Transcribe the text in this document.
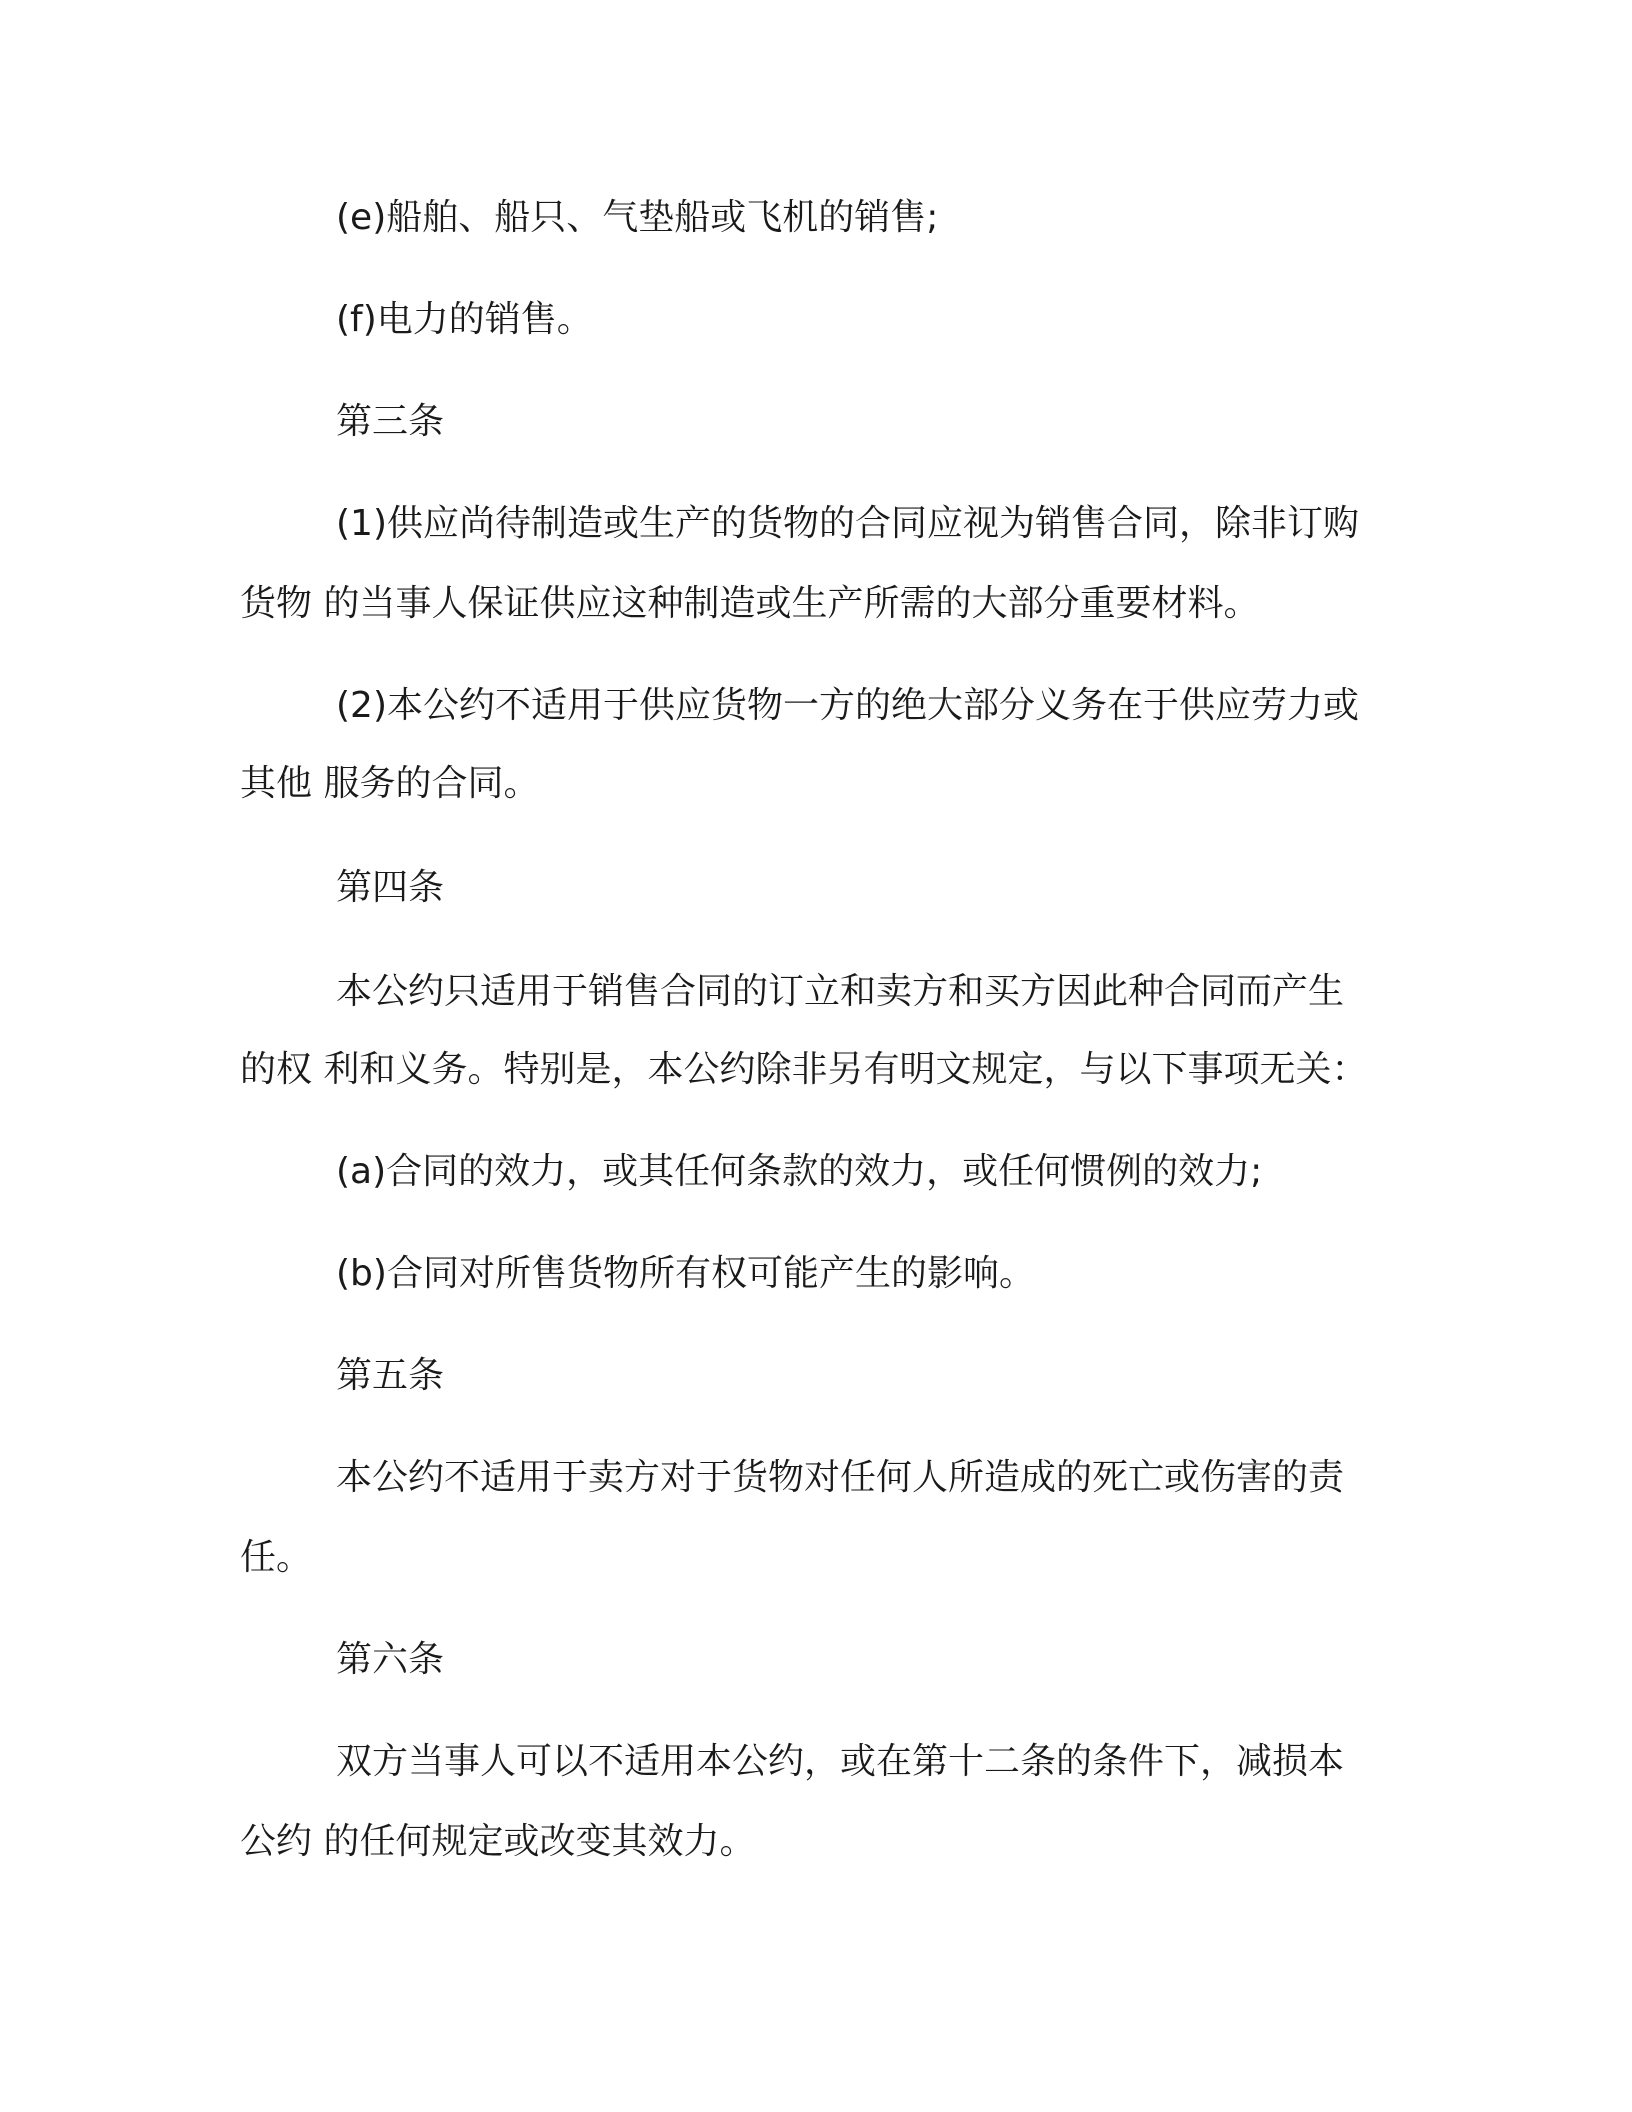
(e)船舶、船只、气垫船或飞机的销售;
(f)电力的销售。
第三条
(1)供应尚待制造或生产的货物的合同应视为销售合同，除非订购
货物 的当事人保证供应这种制造或生产所需的大部分重要材料。
(2)本公约不适用于供应货物一方的绝大部分义务在于供应劳力或
其他 服务的合同。
第四条
本公约只适用于销售合同的订立和卖方和买方因此种合同而产生
的权 利和义务。特别是，本公约除非另有明文规定，与以下事项无关：
(a)合同的效力，或其任何条款的效力，或任何惯例的效力;
(b)合同对所售货物所有权可能产生的影响。
第五条
本公约不适用于卖方对于货物对任何人所造成的死亡或伤害的责
任。
第六条
双方当事人可以不适用本公约，或在第十二条的条件下，减损本
公约 的任何规定或改变其效力。
